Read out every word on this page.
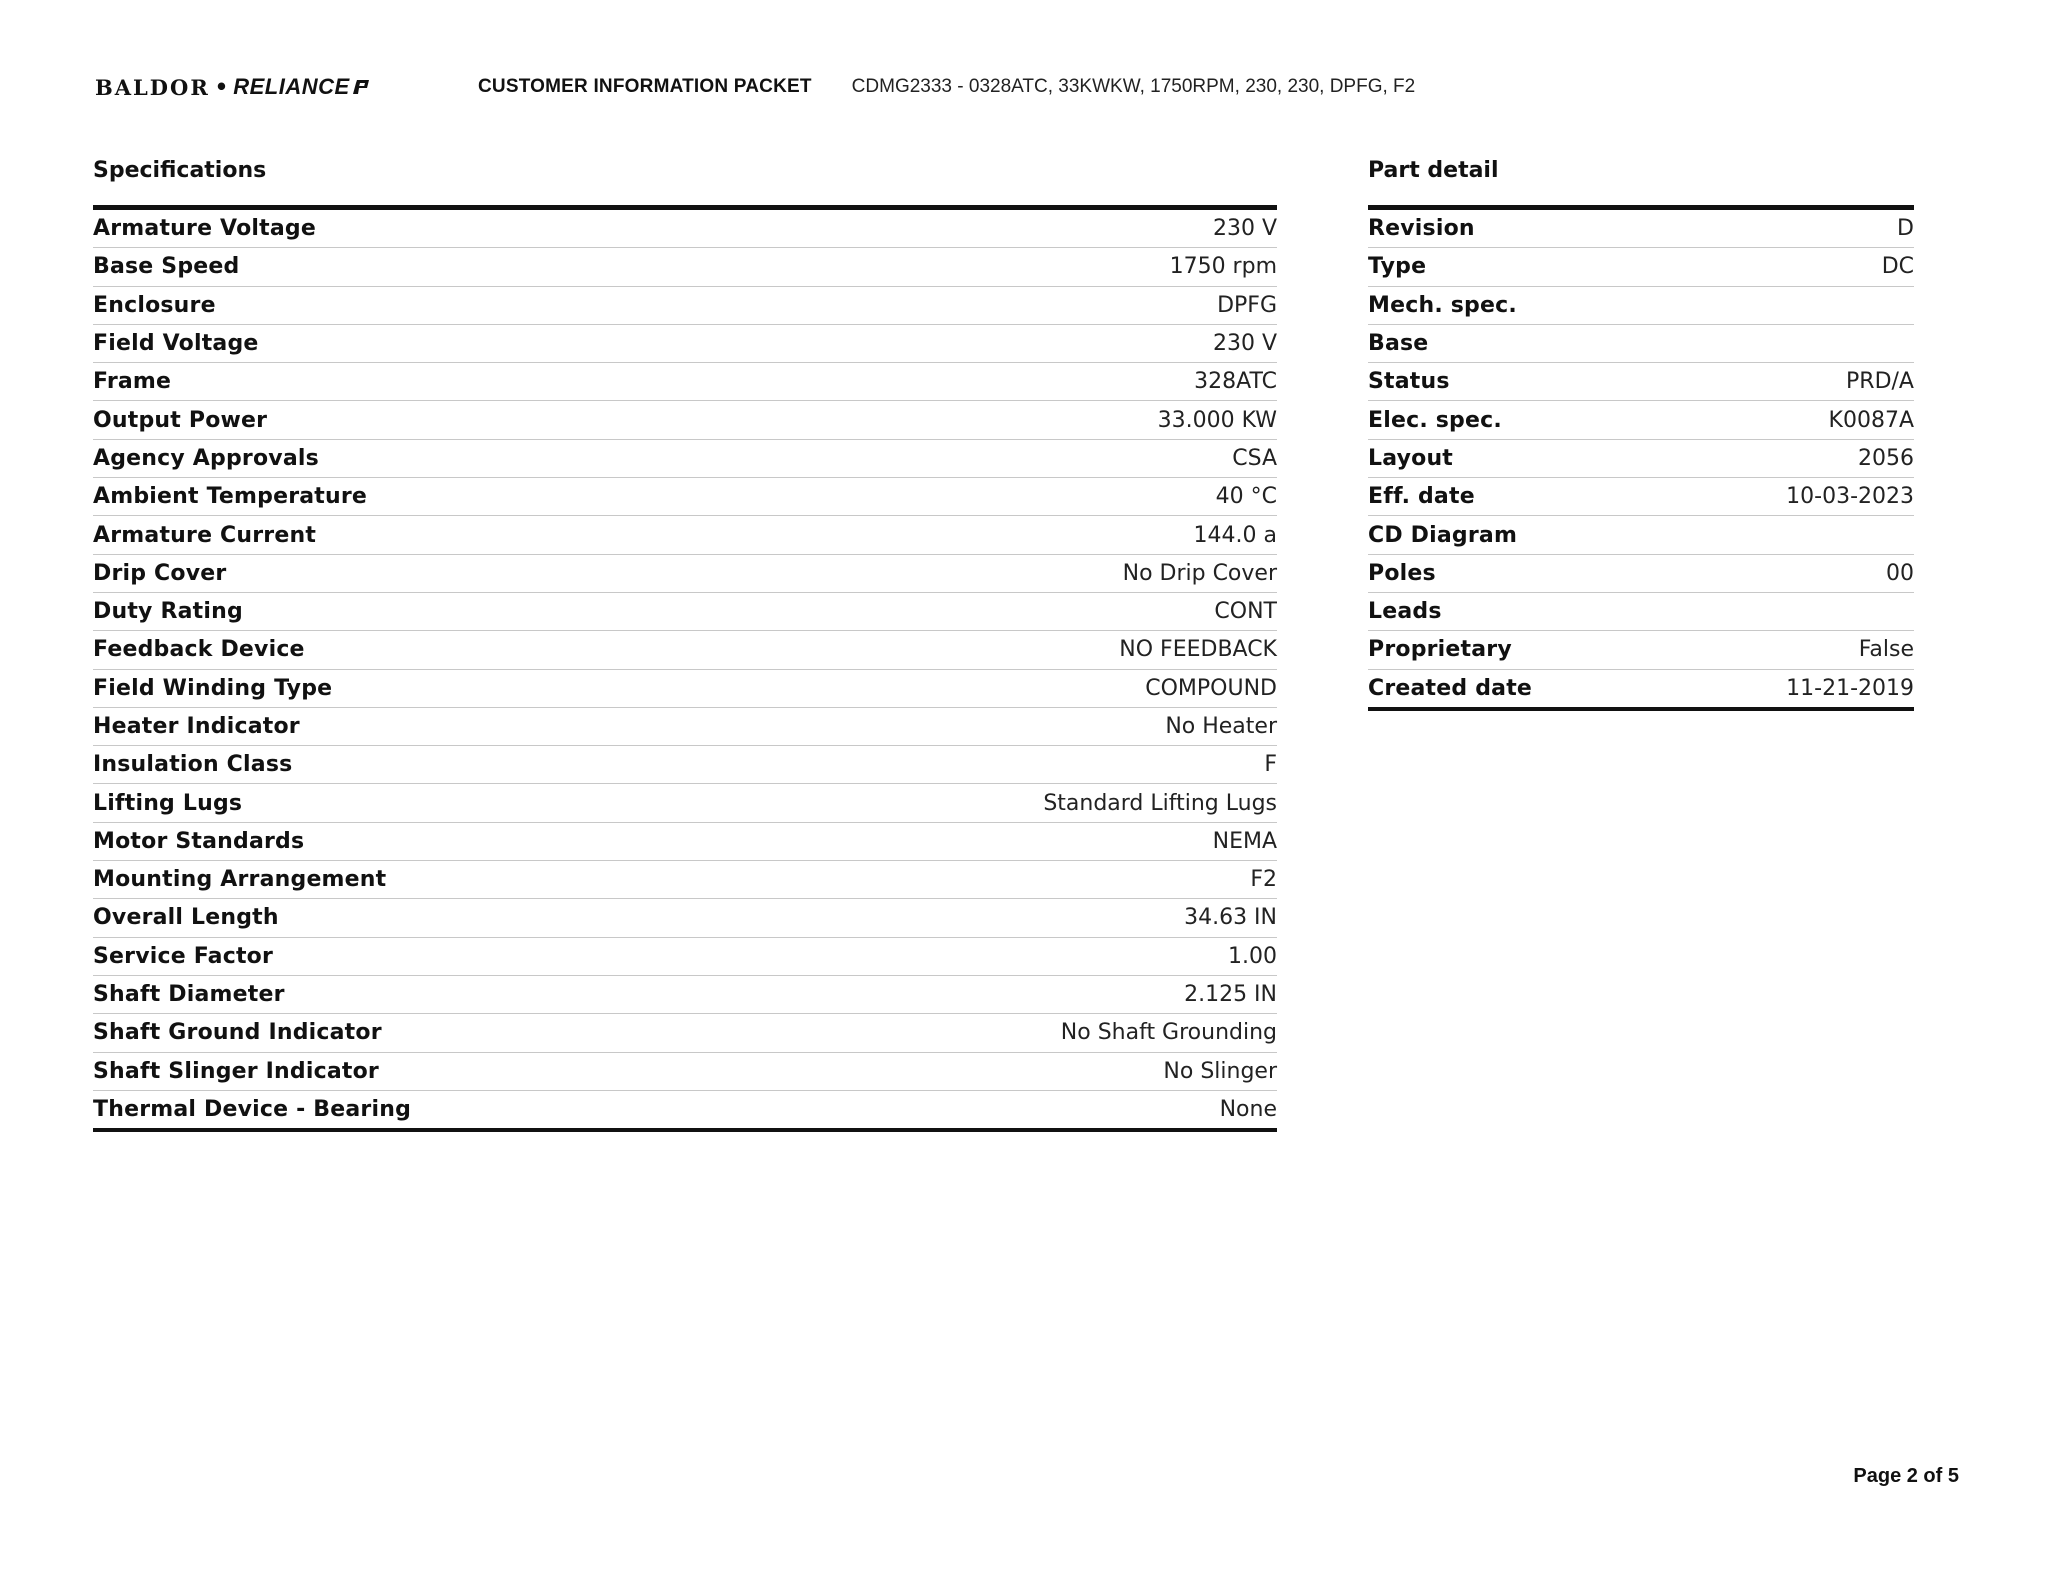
BALDOR • RELIANCE	CUSTOMER INFORMATION PACKET CDMG2333 - 0328ATC, 33KWKW, 1750RPM, 230, 230, DPFG, F2
Specifications
Armature Voltage	230 V
Base Speed	1750 rpm
Enclosure	DPFG
Field Voltage	230 V
Frame	328ATC
Output Power	33.000 KW
Agency Approvals	CSA
Ambient Temperature	40 °C
Armature Current	144.0 a
Drip Cover	No Drip Cover
Duty Rating	CONT
Feedback Device	NO FEEDBACK
Field Winding Type	COMPOUND
Heater Indicator	No Heater
Insulation Class	F
Lifting Lugs	Standard Lifting Lugs
Motor Standards	NEMA
Mounting Arrangement	F2
Overall Length	34.63 IN
Service Factor	1.00
Shaft Diameter	2.125 IN
Shaft Ground Indicator	No Shaft Grounding
Shaft Slinger Indicator	No Slinger
Thermal Device - Bearing	None
Part detail
Revision	D
Type	DC
Mech. spec.
Base
Status	PRD/A
Elec. spec.	K0087A
Layout	2056
Eff. date	10-03-2023
CD Diagram
Poles	00
Leads
Proprietary	False
Created date	11-21-2019
Page 2 of 5
